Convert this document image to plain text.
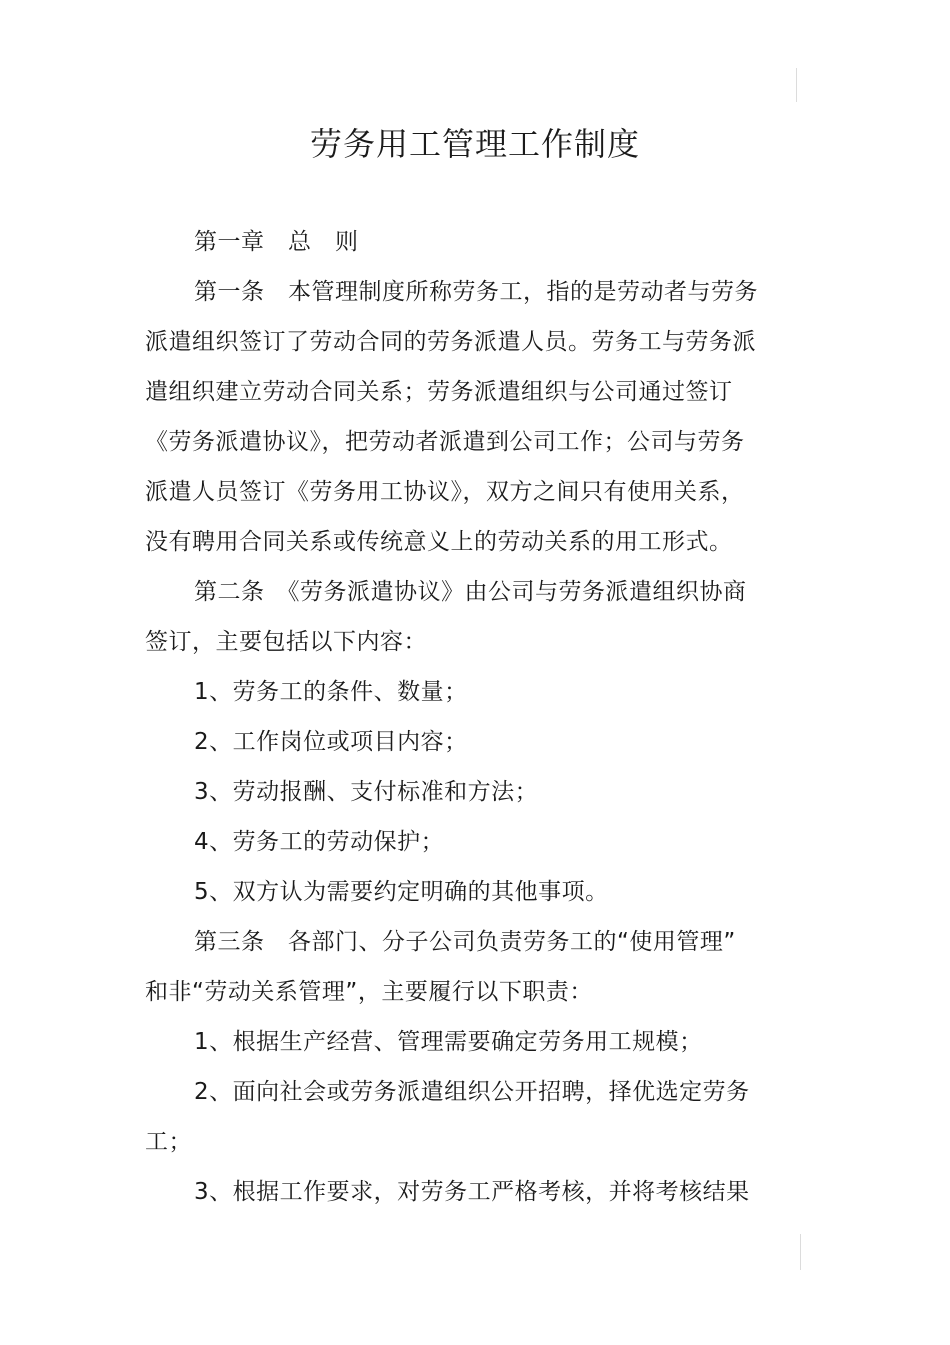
劳务用工管理工作制度
第一章　总　则
第一条　本管理制度所称劳务工，指的是劳动者与劳务
派遣组织签订了劳动合同的劳务派遣人员。劳务工与劳务派
遣组织建立劳动合同关系；劳务派遣组织与公司通过签订
《劳务派遣协议》，把劳动者派遣到公司工作；公司与劳务
派遣人员签订《劳务用工协议》，双方之间只有使用关系，
没有聘用合同关系或传统意义上的劳动关系的用工形式。
第二条　《劳务派遣协议》由公司与劳务派遣组织协商
签订，主要包括以下内容：
1、劳务工的条件、数量；
2、工作岗位或项目内容；
3、劳动报酬、支付标准和方法；
4、劳务工的劳动保护；
5、双方认为需要约定明确的其他事项。
第三条　各部门、分子公司负责劳务工的“使用管理”
和非“劳动关系管理”，主要履行以下职责：
1、根据生产经营、管理需要确定劳务用工规模；
2、面向社会或劳务派遣组织公开招聘，择优选定劳务
工；
3、根据工作要求，对劳务工严格考核，并将考核结果
